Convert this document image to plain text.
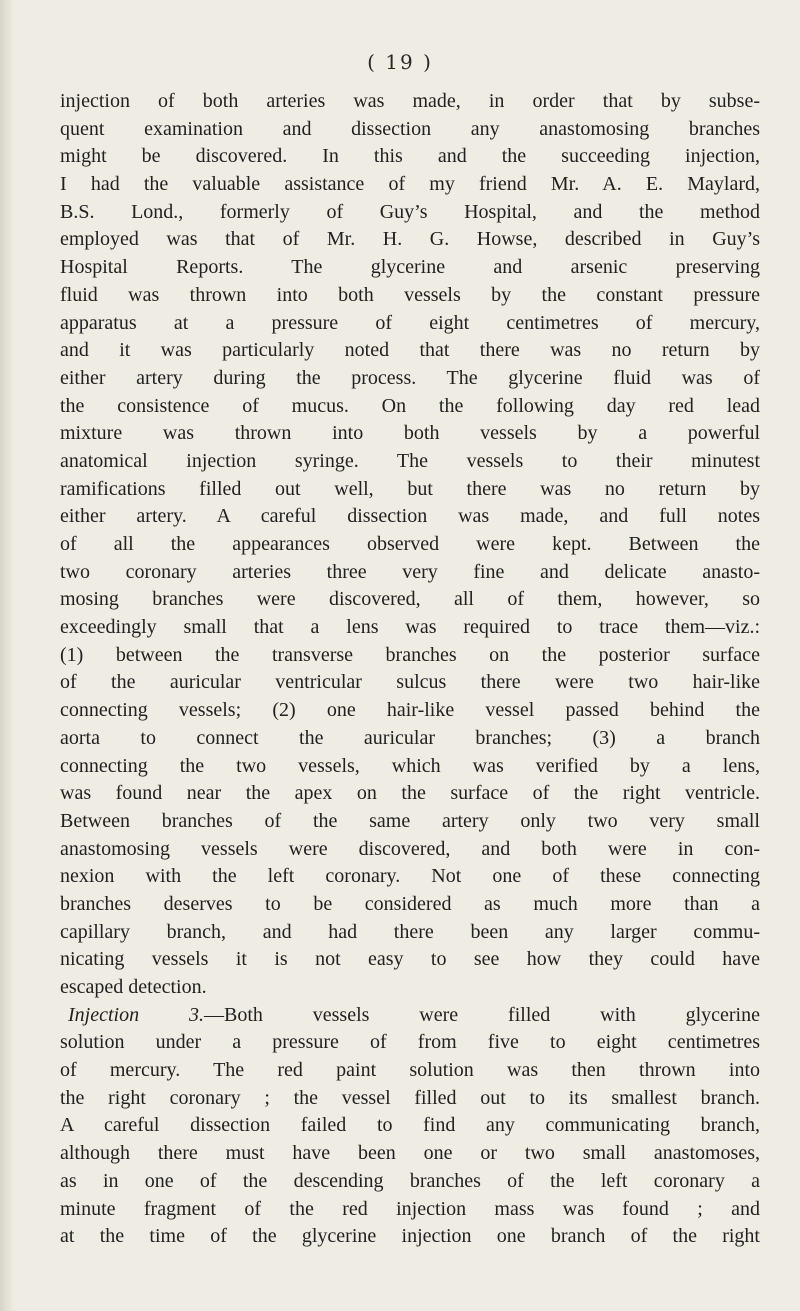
( 19 )
injection of both arteries was made, in order that by subse-
quent examination and dissection any anastomosing branches
might be discovered. In this and the succeeding injection,
I had the valuable assistance of my friend Mr. A. E. Maylard,
B.S. Lond., formerly of Guy’s Hospital, and the method
employed was that of Mr. H. G. Howse, described in Guy’s
Hospital Reports. The glycerine and arsenic preserving
fluid was thrown into both vessels by the constant pressure
apparatus at a pressure of eight centimetres of mercury,
and it was particularly noted that there was no return by
either artery during the process. The glycerine fluid was of
the consistence of mucus. On the following day red lead
mixture was thrown into both vessels by a powerful
anatomical injection syringe. The vessels to their minutest
ramifications filled out well, but there was no return by
either artery. A careful dissection was made, and full notes
of all the appearances observed were kept. Between the
two coronary arteries three very fine and delicate anasto-
mosing branches were discovered, all of them, however, so
exceedingly small that a lens was required to trace them—viz.:
(1) between the transverse branches on the posterior surface
of the auricular ventricular sulcus there were two hair-like
connecting vessels; (2) one hair-like vessel passed behind the
aorta to connect the auricular branches; (3) a branch
connecting the two vessels, which was verified by a lens,
was found near the apex on the surface of the right ventricle.
Between branches of the same artery only two very small
anastomosing vessels were discovered, and both were in con-
nexion with the left coronary. Not one of these connecting
branches deserves to be considered as much more than a
capillary branch, and had there been any larger commu-
nicating vessels it is not easy to see how they could have
escaped detection.
Injection 3.—Both vessels were filled with glycerine
solution under a pressure of from five to eight centimetres
of mercury. The red paint solution was then thrown into
the right coronary ; the vessel filled out to its smallest branch.
A careful dissection failed to find any communicating branch,
although there must have been one or two small anastomoses,
as in one of the descending branches of the left coronary a
minute fragment of the red injection mass was found ; and
at the time of the glycerine injection one branch of the right
